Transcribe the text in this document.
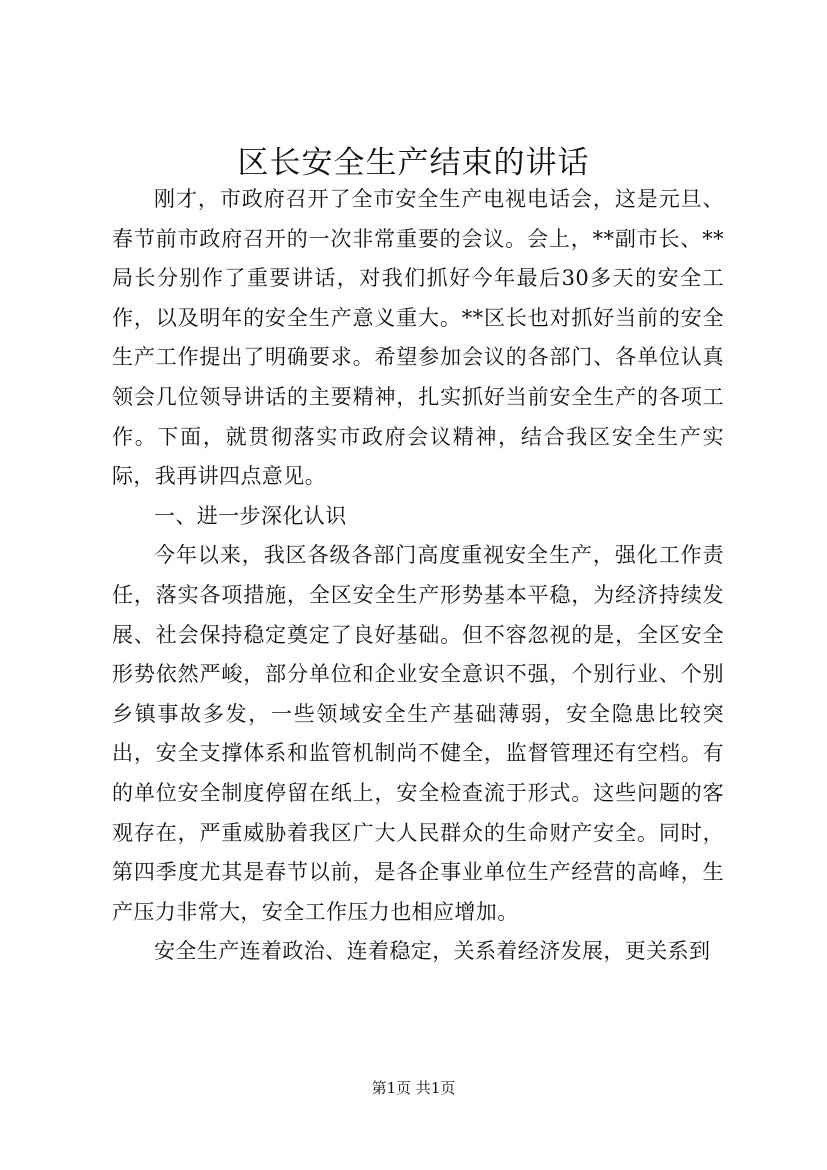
区长安全生产结束的讲话

刚才，市政府召开了全市安全生产电视电话会，这是元旦、春节前市政府召开的一次非常重要的会议。会上，**副市长、**局长分别作了重要讲话，对我们抓好今年最后30多天的安全工作，以及明年的安全生产意义重大。**区长也对抓好当前的安全生产工作提出了明确要求。希望参加会议的各部门、各单位认真领会几位领导讲话的主要精神，扎实抓好当前安全生产的各项工作。下面，就贯彻落实市政府会议精神，结合我区安全生产实际，我再讲四点意见。

一、进一步深化认识

今年以来，我区各级各部门高度重视安全生产，强化工作责任，落实各项措施，全区安全生产形势基本平稳，为经济持续发展、社会保持稳定奠定了良好基础。但不容忽视的是，全区安全形势依然严峻，部分单位和企业安全意识不强，个别行业、个别乡镇事故多发，一些领域安全生产基础薄弱，安全隐患比较突出，安全支撑体系和监管机制尚不健全，监督管理还有空档。有的单位安全制度停留在纸上，安全检查流于形式。这些问题的客观存在，严重威胁着我区广大人民群众的生命财产安全。同时，第四季度尤其是春节以前，是各企事业单位生产经营的高峰，生产压力非常大，安全工作压力也相应增加。

安全生产连着政治、连着稳定，关系着经济发展，更关系到

第1页 共1页
